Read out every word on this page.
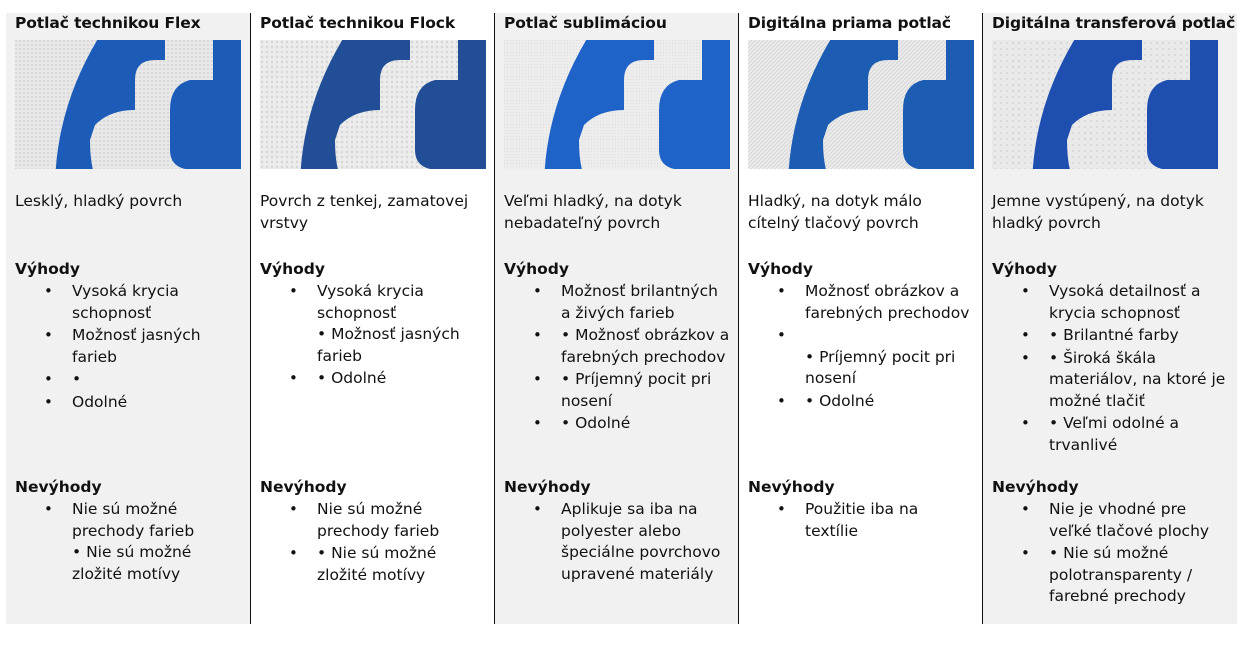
Potlač technikou Flex
Lesklý, hladký povrch
Výhody
• Vysoká krycia schopnosť
• Možnosť jasných farieb
• •
• Odolné
Nevýhody
• Nie sú možné prechody farieb
• Nie sú možné zložité motívy
Potlač technikou Flock
Povrch z tenkej, zamatovej vrstvy
Výhody
• Vysoká krycia schopnosť
• Možnosť jasných farieb
• • Odolné
Nevýhody
• Nie sú možné prechody farieb
• • Nie sú možné zložité motívy
Potlač sublimáciou
Veľmi hladký, na dotyk nebadateľný povrch
Výhody
• Možnosť brilantných a živých farieb
• • Možnosť obrázkov a farebných prechodov
• • Príjemný pocit pri nosení
• • Odolné
Nevýhody
• Aplikuje sa iba na polyester alebo špeciálne povrchovo upravené materiály
Digitálna priama potlač
Hladký, na dotyk málo cítelný tlačový povrch
Výhody
• Možnosť obrázkov a farebných prechodov
•

• Príjemný pocit pri nosení
• • Odolné
Nevýhody
• Použitie iba na textílie
Digitálna transferová potlač
Jemne vystúpený, na dotyk hladký povrch
Výhody
• Vysoká detailnosť a krycia schopnosť
• • Brilantné farby
• • Široká škála materiálov, na ktoré je možné tlačiť
• • Veľmi odolné a trvanlivé
Nevýhody
• Nie je vhodné pre veľké tlačové plochy
• • Nie sú možné polotransparenty / farebné prechody
